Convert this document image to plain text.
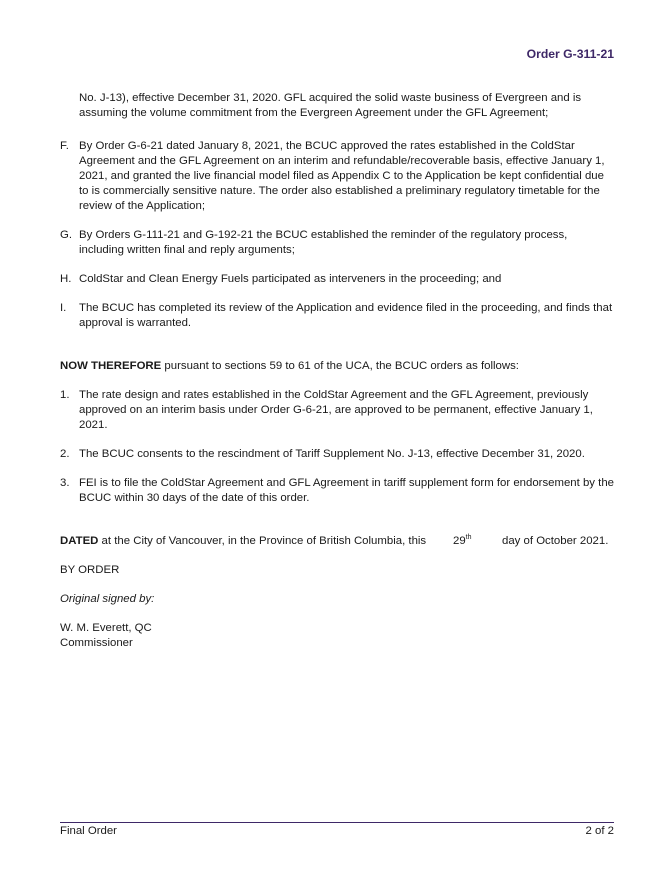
Order G-311-21

No. J-13), effective December 31, 2020. GFL acquired the solid waste business of Evergreen and is assuming the volume commitment from the Evergreen Agreement under the GFL Agreement;

F. By Order G-6-21 dated January 8, 2021, the BCUC approved the rates established in the ColdStar Agreement and the GFL Agreement on an interim and refundable/recoverable basis, effective January 1, 2021, and granted the live financial model filed as Appendix C to the Application be kept confidential due to is commercially sensitive nature. The order also established a preliminary regulatory timetable for the review of the Application;

G. By Orders G-111-21 and G-192-21 the BCUC established the reminder of the regulatory process, including written final and reply arguments;

H. ColdStar and Clean Energy Fuels participated as interveners in the proceeding; and

I. The BCUC has completed its review of the Application and evidence filed in the proceeding, and finds that approval is warranted.

NOW THEREFORE pursuant to sections 59 to 61 of the UCA, the BCUC orders as follows:

1. The rate design and rates established in the ColdStar Agreement and the GFL Agreement, previously approved on an interim basis under Order G-6-21, are approved to be permanent, effective January 1, 2021.

2. The BCUC consents to the rescindment of Tariff Supplement No. J-13, effective December 31, 2020.

3. FEI is to file the ColdStar Agreement and GFL Agreement in tariff supplement form for endorsement by the BCUC within 30 days of the date of this order.

DATED at the City of Vancouver, in the Province of British Columbia, this 29th	day of October 2021.

BY ORDER

Original signed by:

W. M. Everett, QC

Commissioner

Final Order	2 of 2
